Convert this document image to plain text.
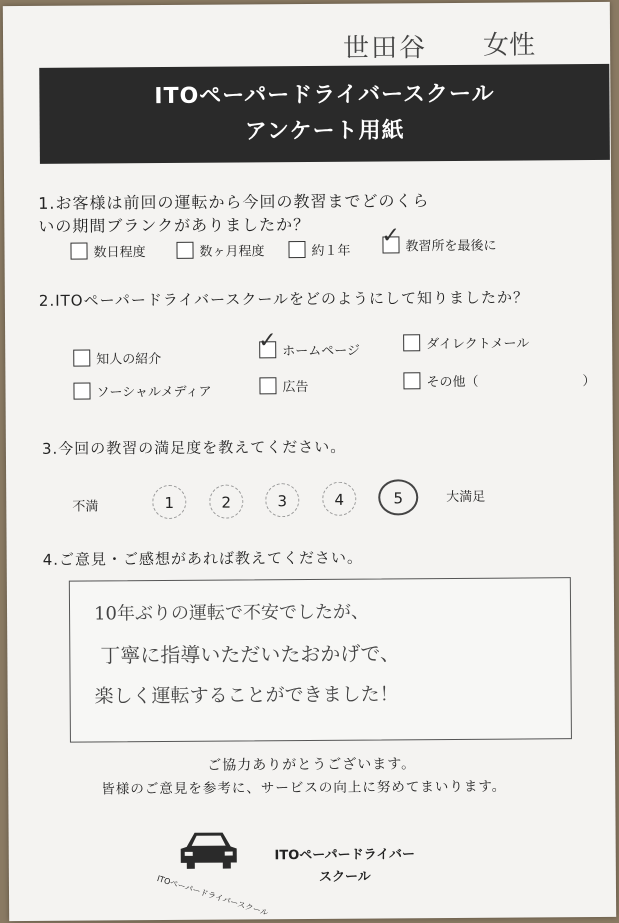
世田谷 女性
ITOペーパードライバースクール
アンケート用紙
1.お客様は前回の運転から今回の教習までどのくら
いの期間ブランクがありましたか？
数日程度	数ヶ月程度	約１年
✓ 教習所を最後に
2.ITOペーパードライバースクールをどのようにして知りましたか？
知人の紹介
✓ ホームページ	ダイレクトメール
ソーシャルメディア	広告	その他（　　　　　　　　）
3.今回の教習の満足度を教えてください。
不満	1	2	3	4	5	大満足
4.ご意見・ご感想があれば教えてください。
10年ぶりの運転で不安でしたが、
丁寧に指導いただいたおかげで、
楽しく運転することができました！
ご協力ありがとうございます。
皆様のご意見を参考に、サービスの向上に努めてまいります。
ITOペーパードライバースクール
ITOペーパードライバー
スクール
